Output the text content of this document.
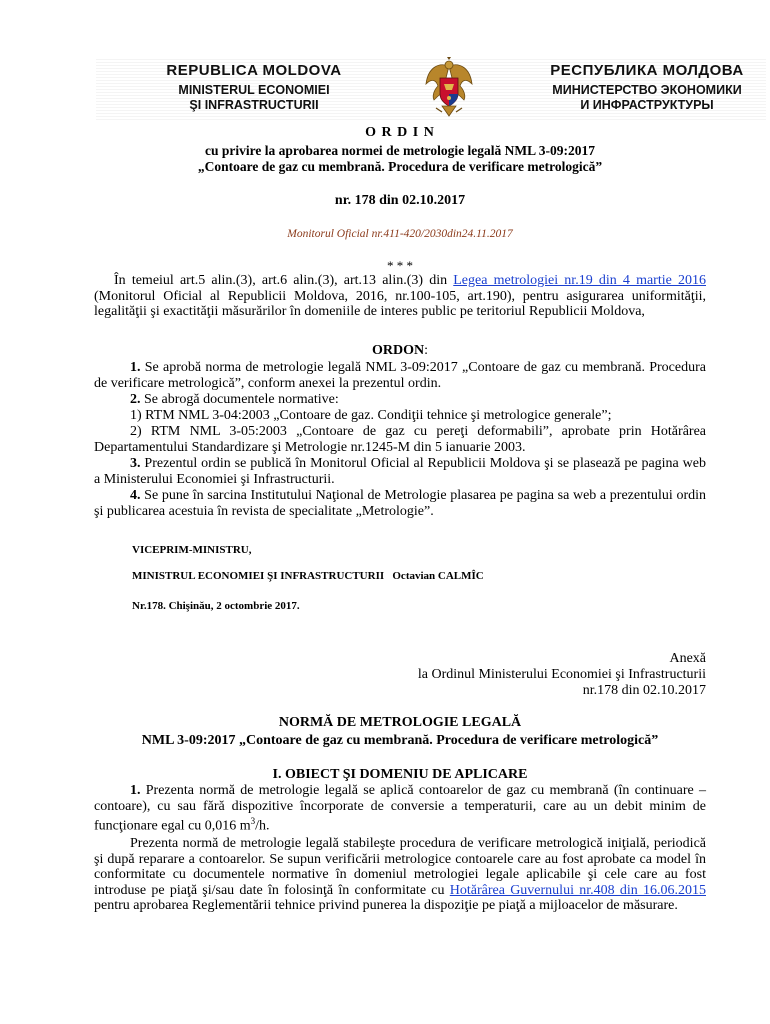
REPUBLICA MOLDOVA
MINISTERUL ECONOMIEI
ŞI INFRASTRUCTURII
РЕСПУБЛИКА МОЛДОВА
МИНИСТЕРСТВО ЭКОНОМИКИ
И ИНФРАСТРУКТУРЫ
O R D I N
cu privire la aprobarea normei de metrologie legală NML 3-09:2017
„Contoare de gaz cu membrană. Procedura de verificare metrologică”
nr. 178 din 02.10.2017
Monitorul Oficial nr.411-420/2030din24.11.2017
* * *
În temeiul art.5 alin.(3), art.6 alin.(3), art.13 alin.(3) din Legea metrologiei nr.19 din 4 martie 2016 (Monitorul Oficial al Republicii Moldova, 2016, nr.100-105, art.190), pentru asigurarea uniformităţii, legalităţii şi exactităţii măsurărilor în domeniile de interes public pe teritoriul Republicii Moldova,
ORDON:
1. Se aprobă norma de metrologie legală NML 3-09:2017 „Contoare de gaz cu membrană. Procedura de verificare metrologică”, conform anexei la prezentul ordin.
2. Se abrogă documentele normative:
1) RTM NML 3-04:2003 „Contoare de gaz. Condiţii tehnice şi metrologice generale”;
2) RTM NML 3-05:2003 „Contoare de gaz cu pereţi deformabili”, aprobate prin Hotărârea Departamentului Standardizare şi Metrologie nr.1245-M din 5 ianuarie 2003.
3. Prezentul ordin se publică în Monitorul Oficial al Republicii Moldova şi se plasează pe pagina web a Ministerului Economiei şi Infrastructurii.
4. Se pune în sarcina Institutului Naţional de Metrologie plasarea pe pagina sa web a prezentului ordin şi publicarea acestuia în revista de specialitate „Metrologie”.
VICEPRIM-MINISTRU,
MINISTRUL ECONOMIEI ŞI INFRASTRUCTURII   Octavian CALMÎC
Nr.178. Chişinău, 2 octombrie 2017.
Anexă
la Ordinul Ministerului Economiei şi Infrastructurii
nr.178 din 02.10.2017
NORMĂ DE METROLOGIE LEGALĂ
NML 3-09:2017 „Contoare de gaz cu membrană. Procedura de verificare metrologică”
I. OBIECT ŞI DOMENIU DE APLICARE
1. Prezenta normă de metrologie legală se aplică contoarelor de gaz cu membrană (în continuare – contoare), cu sau fără dispozitive încorporate de conversie a temperaturii, care au un debit minim de funcţionare egal cu 0,016 $m^3/h$.
Prezenta normă de metrologie legală stabileşte procedura de verificare metrologică iniţială, periodică şi după reparare a contoarelor. Se supun verificării metrologice contoarele care au fost aprobate ca model în conformitate cu documentele normative în domeniul metrologiei legale aplicabile şi cele care au fost introduse pe piaţă şi/sau date în folosinţă în conformitate cu Hotărârea Guvernului nr.408 din 16.06.2015 pentru aprobarea Reglementării tehnice privind punerea la dispoziţie pe piaţă a mijloacelor de măsurare.
